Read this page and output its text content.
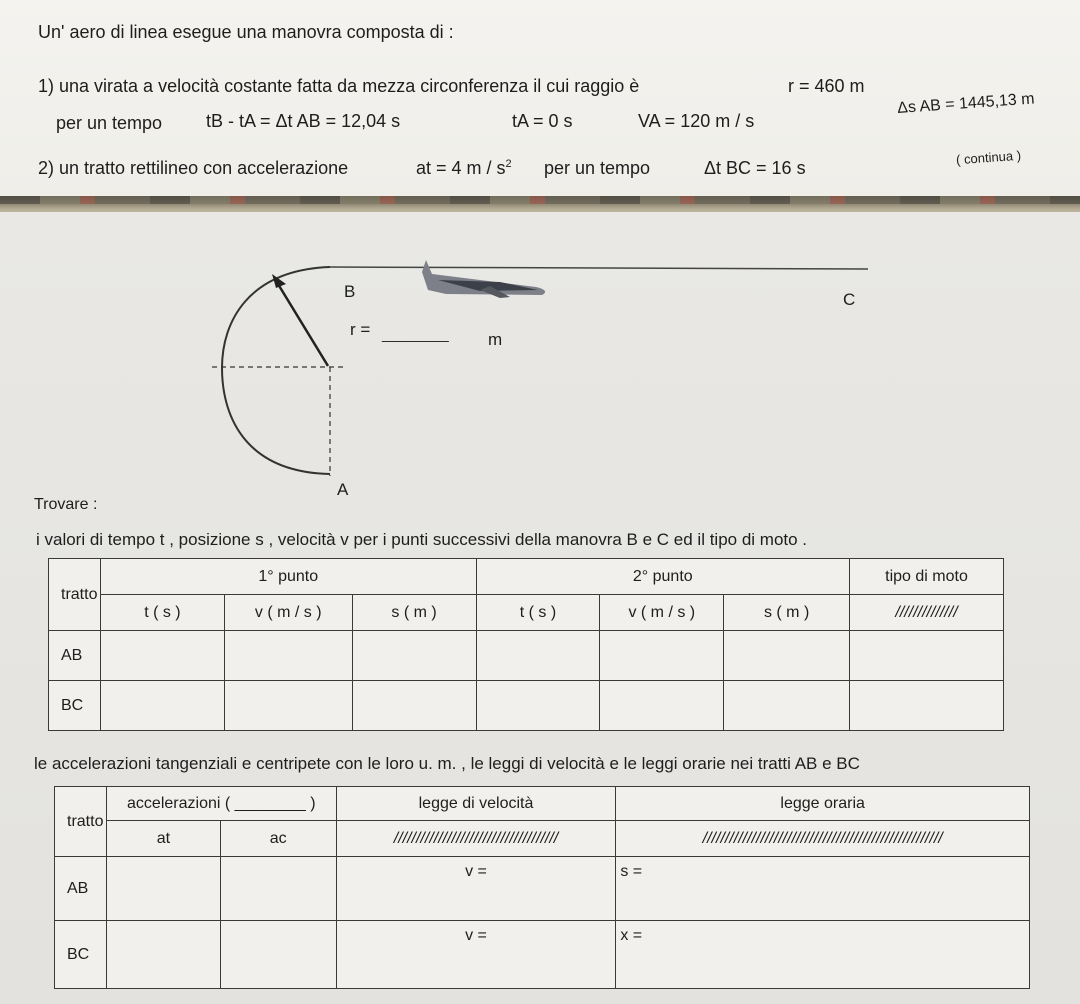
Un' aero di linea esegue una manovra composta di :
1) una virata a velocità costante fatta da mezza circonferenza il cui raggio è	r = 460 m
per un tempo tB - tA = Δt AB = 12,04 s	tA = 0 s	VA = 120 m / s
Δs AB = 1445,13 m
2) un tratto rettilineo con accelerazione	at = 4 m / $s^2$ per un tempo	Δt BC = 16 s
( continua )
B	C
A
r = ________ m
Trovare :
i valori di tempo t , posizione s , velocità v per i punti successivi della manovra B e C ed il tipo di moto .
tratto	1° punto			2° punto			tipo di moto
	t ( s )	v ( m / s )	s ( m )	t ( s )	v ( m / s )	s ( m )	//////////////
AB							
BC							
le accelerazioni tangenziali e centripete con le loro u. m. , le leggi di velocità e le leggi orarie nei tratti AB e BC
tratto	accelerazioni ( ________ )		legge di velocità	legge oraria
	at	ac	/////////////////////////////////////	//////////////////////////////////////////////////////
AB			v =	s =
BC			v =	x =
